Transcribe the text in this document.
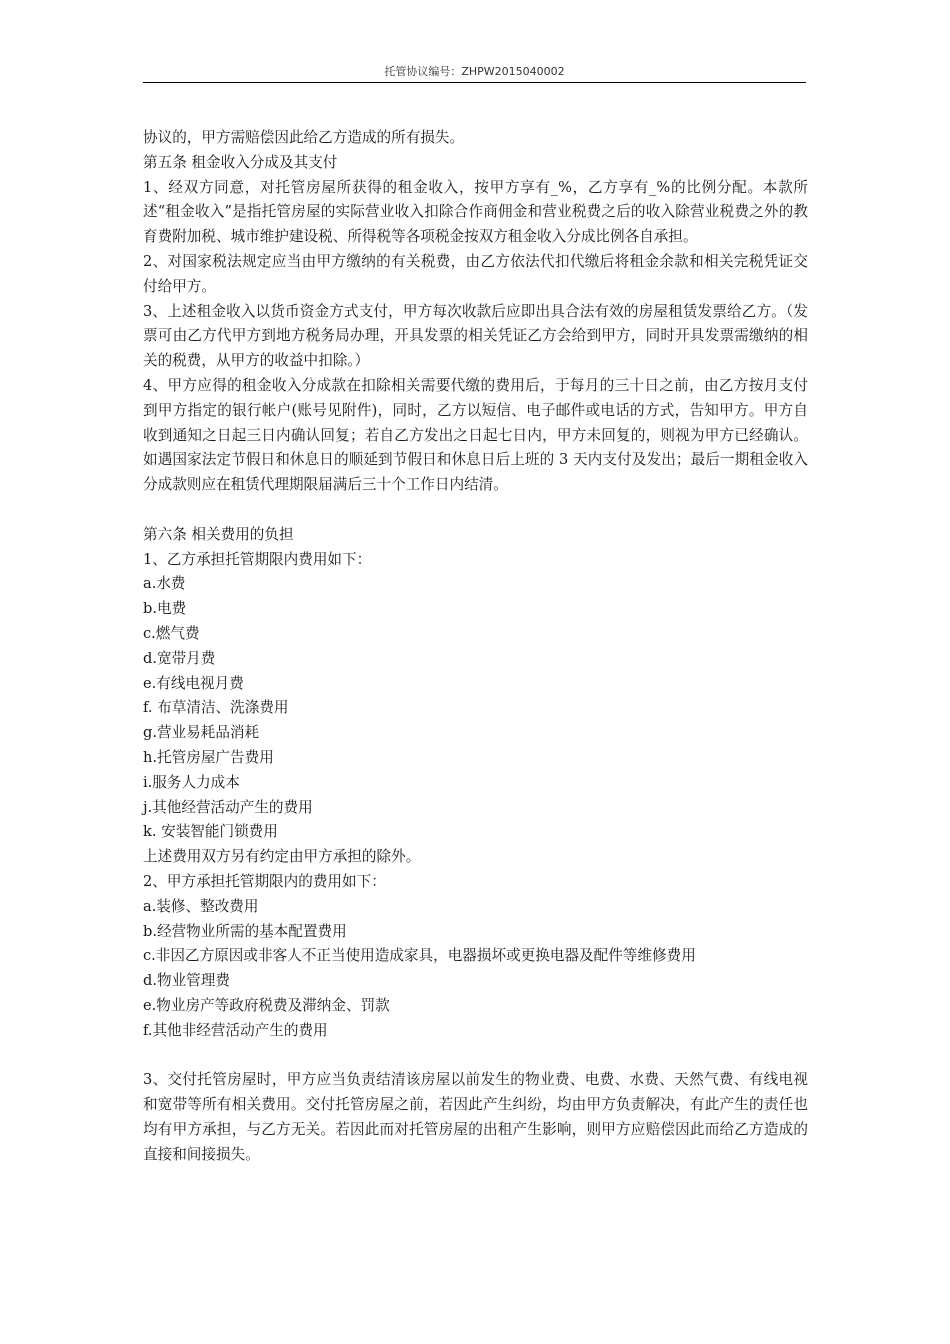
托管协议编号：ZHPW2015040002

协议的，甲方需赔偿因此给乙方造成的所有损失。

第五条 租金收入分成及其支付

1、经双方同意，对托管房屋所获得的租金收入，按甲方享有_%，乙方享有_%的比例分配。本款所述“租金收入”是指托管房屋的实际营业收入扣除合作商佣金和营业税费之后的收入除营业税费之外的教育费附加税、城市维护建设税、所得税等各项税金按双方租金收入分成比例各自承担。

2、对国家税法规定应当由甲方缴纳的有关税费，由乙方依法代扣代缴后将租金余款和相关完税凭证交付给甲方。

3、上述租金收入以货币资金方式支付，甲方每次收款后应即出具合法有效的房屋租赁发票给乙方。（发票可由乙方代甲方到地方税务局办理，开具发票的相关凭证乙方会给到甲方，同时开具发票需缴纳的相关的税费，从甲方的收益中扣除。）

4、甲方应得的租金收入分成款在扣除相关需要代缴的费用后，于每月的三十日之前，由乙方按月支付到甲方指定的银行帐户(账号见附件)，同时，乙方以短信、电子邮件或电话的方式，告知甲方。甲方自收到通知之日起三日内确认回复；若自乙方发出之日起七日内，甲方未回复的，则视为甲方已经确认。如遇国家法定节假日和休息日的顺延到节假日和休息日后上班的 3 天内支付及发出；最后一期租金收入分成款则应在租赁代理期限届满后三十个工作日内结清。

第六条 相关费用的负担

1、乙方承担托管期限内费用如下：

a.水费

b.电费

c.燃气费

d.宽带月费

e.有线电视月费

f. 布草清洁、洗涤费用

g.营业易耗品消耗

h.托管房屋广告费用

i.服务人力成本

j.其他经营活动产生的费用

k. 安装智能门锁费用

上述费用双方另有约定由甲方承担的除外。

2、甲方承担托管期限内的费用如下：

a.装修、整改费用

b.经营物业所需的基本配置费用

c.非因乙方原因或非客人不正当使用造成家具，电器损坏或更换电器及配件等维修费用

d.物业管理费

e.物业房产等政府税费及滞纳金、罚款

f.其他非经营活动产生的费用

3、交付托管房屋时，甲方应当负责结清该房屋以前发生的物业费、电费、水费、天然气费、有线电视和宽带等所有相关费用。交付托管房屋之前，若因此产生纠纷，均由甲方负责解决，有此产生的责任也均有甲方承担，与乙方无关。若因此而对托管房屋的出租产生影响，则甲方应赔偿因此而给乙方造成的直接和间接损失。
